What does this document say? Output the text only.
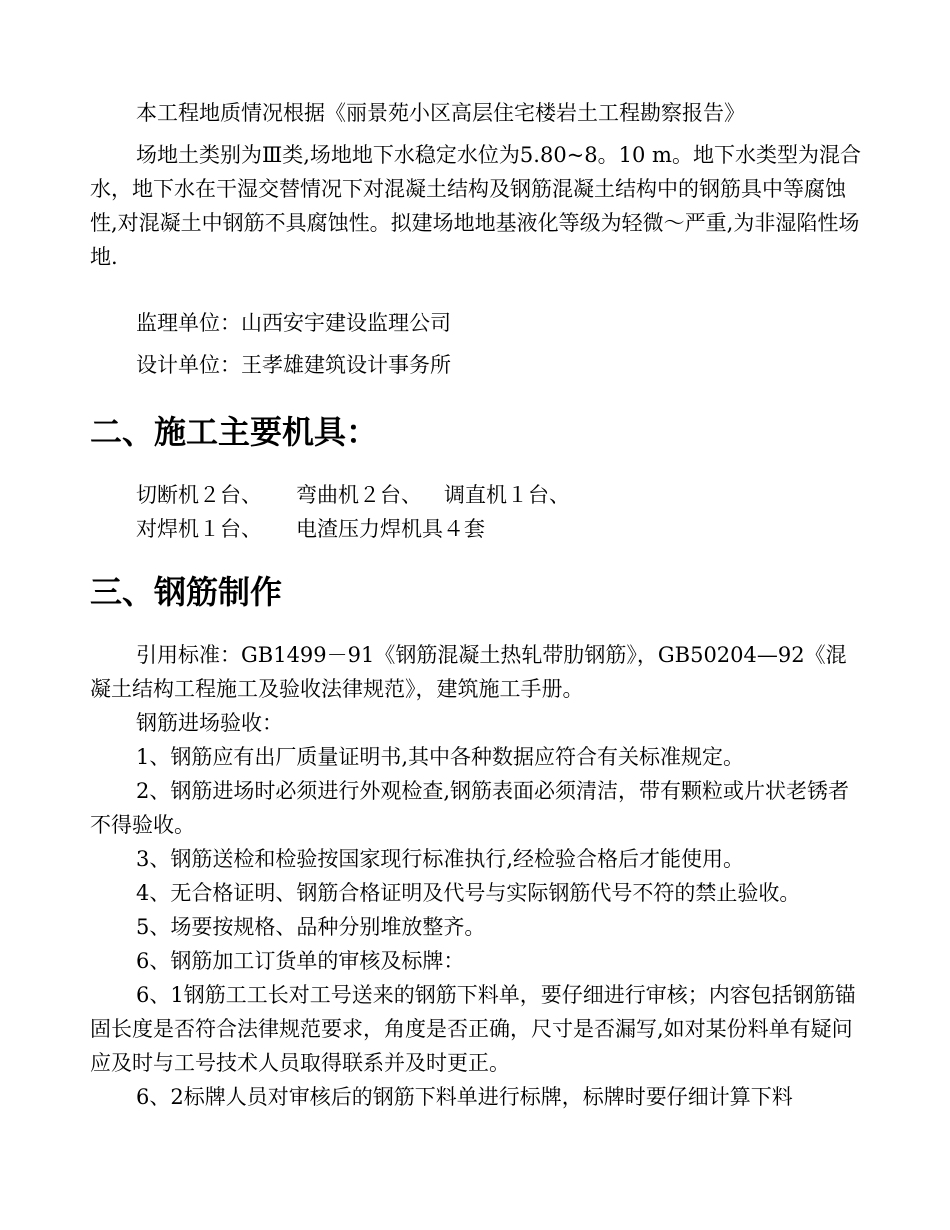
本工程地质情况根据《丽景苑小区高层住宅楼岩土工程勘察报告》

场地土类别为Ⅲ类,场地地下水稳定水位为5.80~8。10 m。地下水类型为混合水，地下水在干湿交替情况下对混凝土结构及钢筋混凝土结构中的钢筋具中等腐蚀性,对混凝土中钢筋不具腐蚀性。拟建场地地基液化等级为轻微～严重,为非湿陷性场地.

监理单位：山西安宇建设监理公司

设计单位：王孝雄建筑设计事务所

二、施工主要机具：

切断机２台、 弯曲机２台、 调直机１台、

对焊机１台、 电渣压力焊机具４套

三、钢筋制作

引用标准：GB1499－91《钢筋混凝土热轧带肋钢筋》，GB50204—92《混凝土结构工程施工及验收法律规范》，建筑施工手册。

钢筋进场验收：

1、钢筋应有出厂质量证明书,其中各种数据应符合有关标准规定。

2、钢筋进场时必须进行外观检查,钢筋表面必须清洁，带有颗粒或片状老锈者不得验收。

3、钢筋送检和检验按国家现行标准执行,经检验合格后才能使用。

4、无合格证明、钢筋合格证明及代号与实际钢筋代号不符的禁止验收。

5、场要按规格、品种分别堆放整齐。

6、钢筋加工订货单的审核及标牌：

6、1钢筋工工长对工号送来的钢筋下料单，要仔细进行审核；内容包括钢筋锚固长度是否符合法律规范要求，角度是否正确，尺寸是否漏写,如对某份料单有疑问应及时与工号技术人员取得联系并及时更正。

6、2标牌人员对审核后的钢筋下料单进行标牌，标牌时要仔细计算下料
